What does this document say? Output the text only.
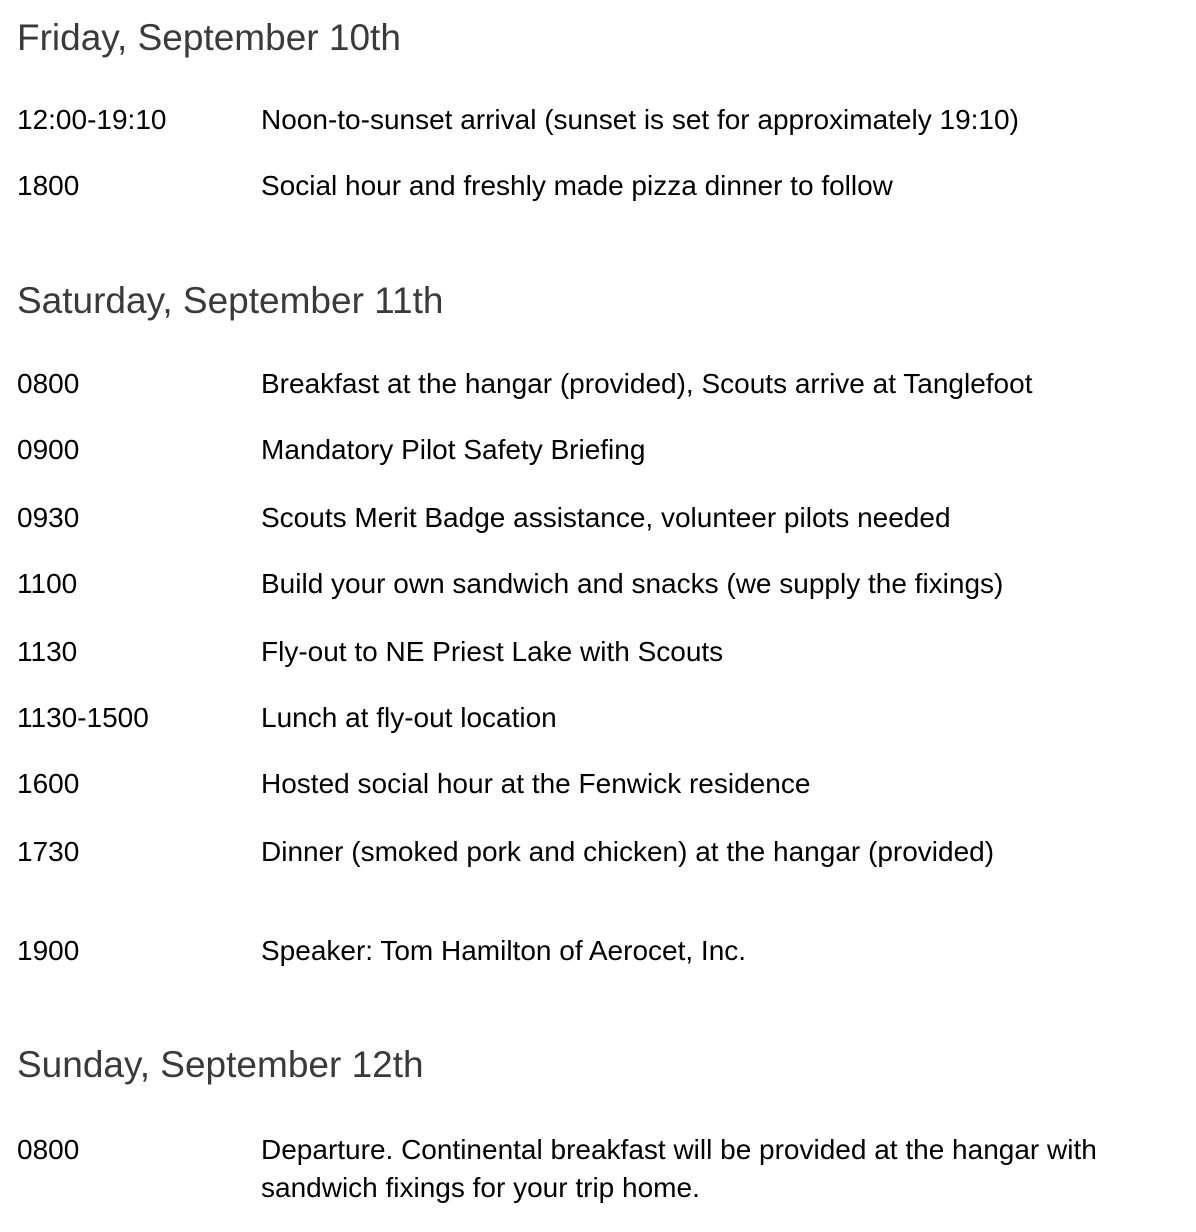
Friday, September 10th
12:00-19:10	Noon-to-sunset arrival (sunset is set for approximately 19:10)
1800	Social hour and freshly made pizza dinner to follow
Saturday, September 11th
0800	Breakfast at the hangar (provided), Scouts arrive at Tanglefoot
0900	Mandatory Pilot Safety Briefing
0930	Scouts Merit Badge assistance, volunteer pilots needed
1100	Build your own sandwich and snacks (we supply the fixings)
1130	Fly-out to NE Priest Lake with Scouts
1130-1500	Lunch at fly-out location
1600	Hosted social hour at the Fenwick residence
1730	Dinner (smoked pork and chicken) at the hangar (provided)
1900	Speaker: Tom Hamilton of Aerocet, Inc.
Sunday, September 12th
0800	Departure. Continental breakfast will be provided at the hangar with sandwich fixings for your trip home.
